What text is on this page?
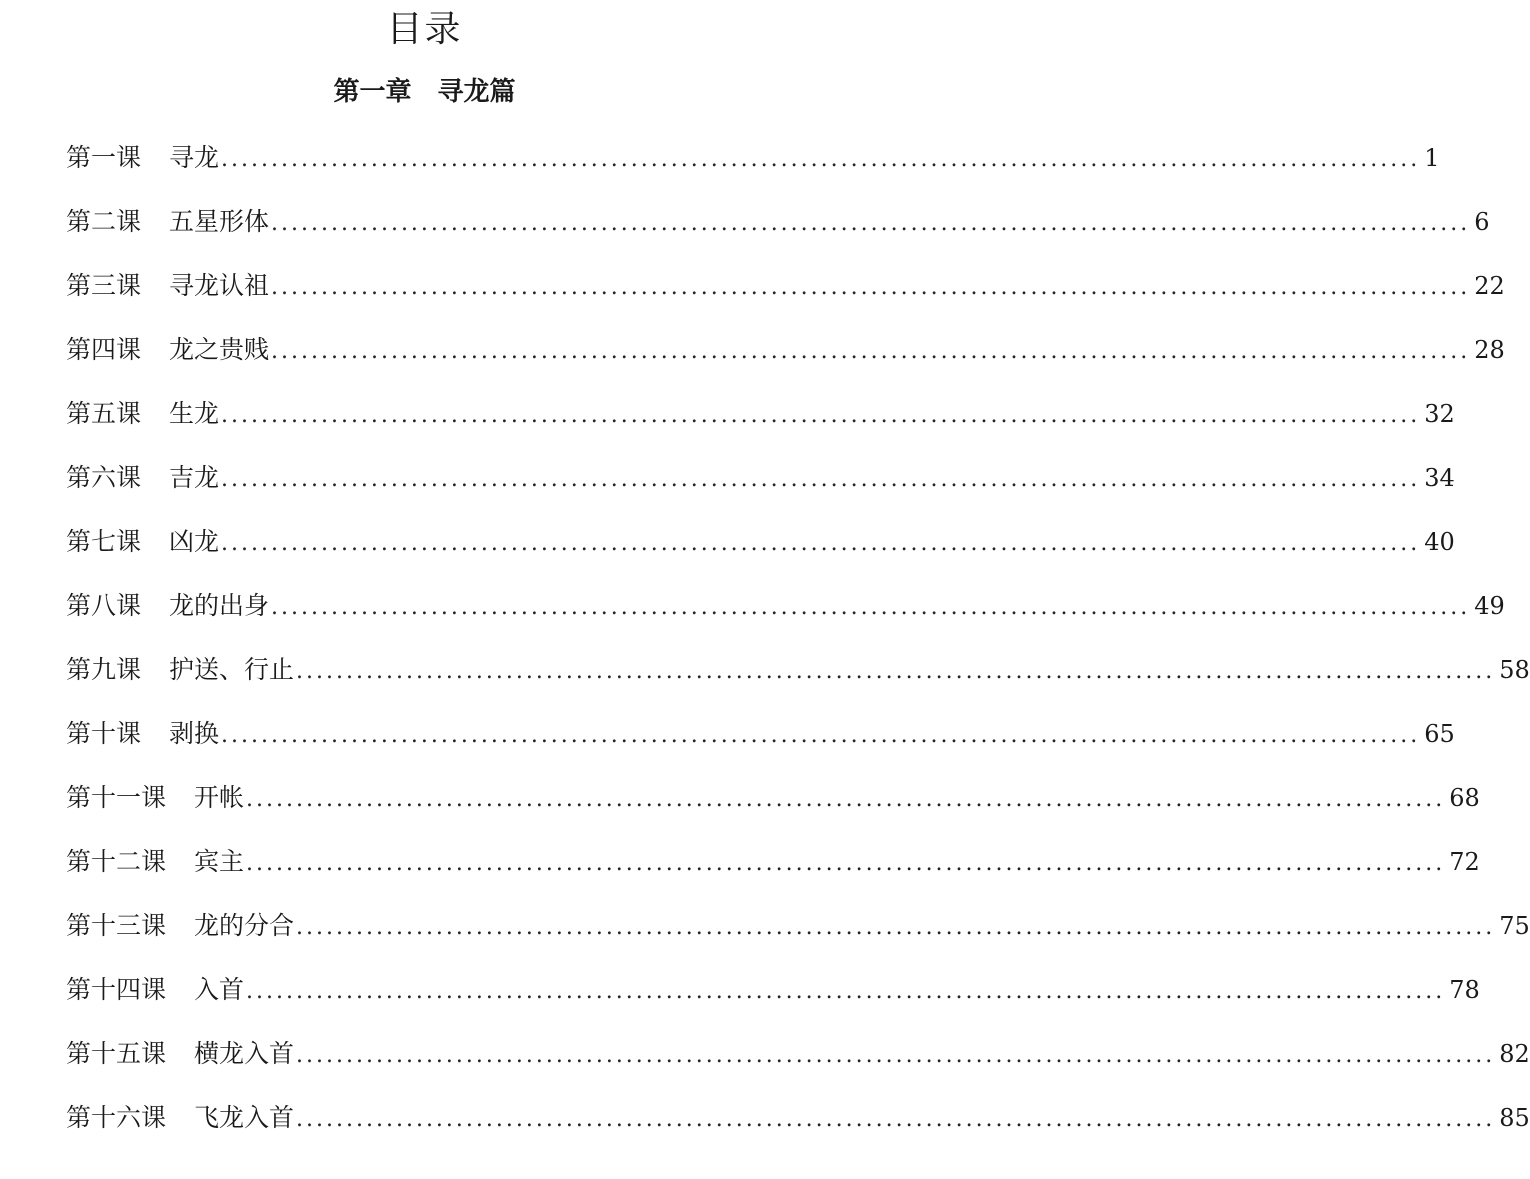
目录
第一章 寻龙篇
第一课 寻龙 ........................................................................................................................ 1
第二课 五星形体 ........................................................................................................................ 6
第三课 寻龙认祖 ........................................................................................................................ 22
第四课 龙之贵贱 ........................................................................................................................ 28
第五课 生龙 ........................................................................................................................ 32
第六课 吉龙 ........................................................................................................................ 34
第七课 凶龙 ........................................................................................................................ 40
第八课 龙的出身 ........................................................................................................................ 49
第九课 护送、行止 ........................................................................................................................ 58
第十课 剥换 ........................................................................................................................ 65
第十一课 开帐 ........................................................................................................................ 68
第十二课 宾主 ........................................................................................................................ 72
第十三课 龙的分合 ........................................................................................................................ 75
第十四课 入首 ........................................................................................................................ 78
第十五课 横龙入首 ........................................................................................................................ 82
第十六课 飞龙入首 ........................................................................................................................ 85
